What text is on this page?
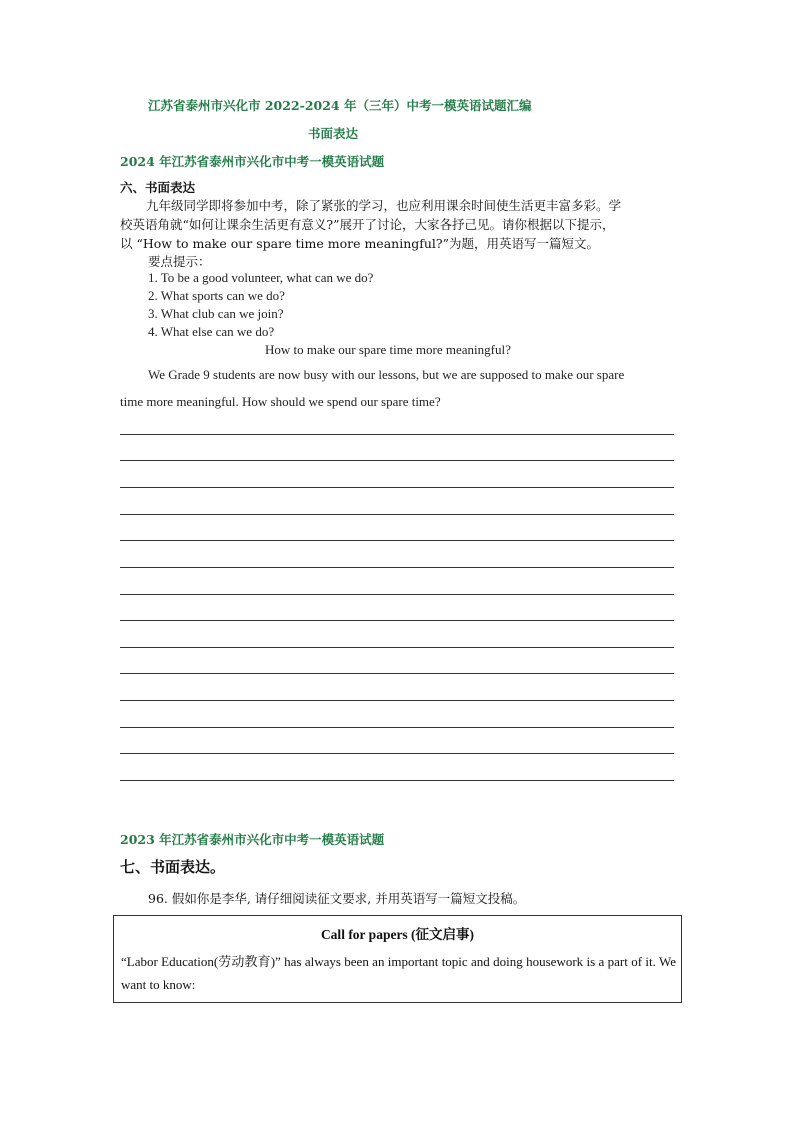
江苏省泰州市兴化市 2022-2024 年（三年）中考一模英语试题汇编
书面表达
2024 年江苏省泰州市兴化市中考一模英语试题
六、书面表达
九年级同学即将参加中考，除了紧张的学习，也应利用课余时间使生活更丰富多彩。学
校英语角就“如何让课余生活更有意义?”展开了讨论，大家各抒己见。请你根据以下提示，
以 “How to make our spare time more meaningful?”为题，用英语写一篇短文。
要点提示：
1. To be a good volunteer, what can we do?
2. What sports can we do?
3. What club can we join?
4. What else can we do?
How to make our spare time more meaningful?
We Grade 9 students are now busy with our lessons, but we are supposed to make our spare
time more meaningful. How should we spend our spare time?
2023 年江苏省泰州市兴化市中考一模英语试题
七、书面表达。
96. 假如你是李华, 请仔细阅读征文要求, 并用英语写一篇短文投稿。
Call for papers (征文启事)
“Labor Education(劳动教育)” has always been an important topic and doing housework is a part of it. We want to know:
